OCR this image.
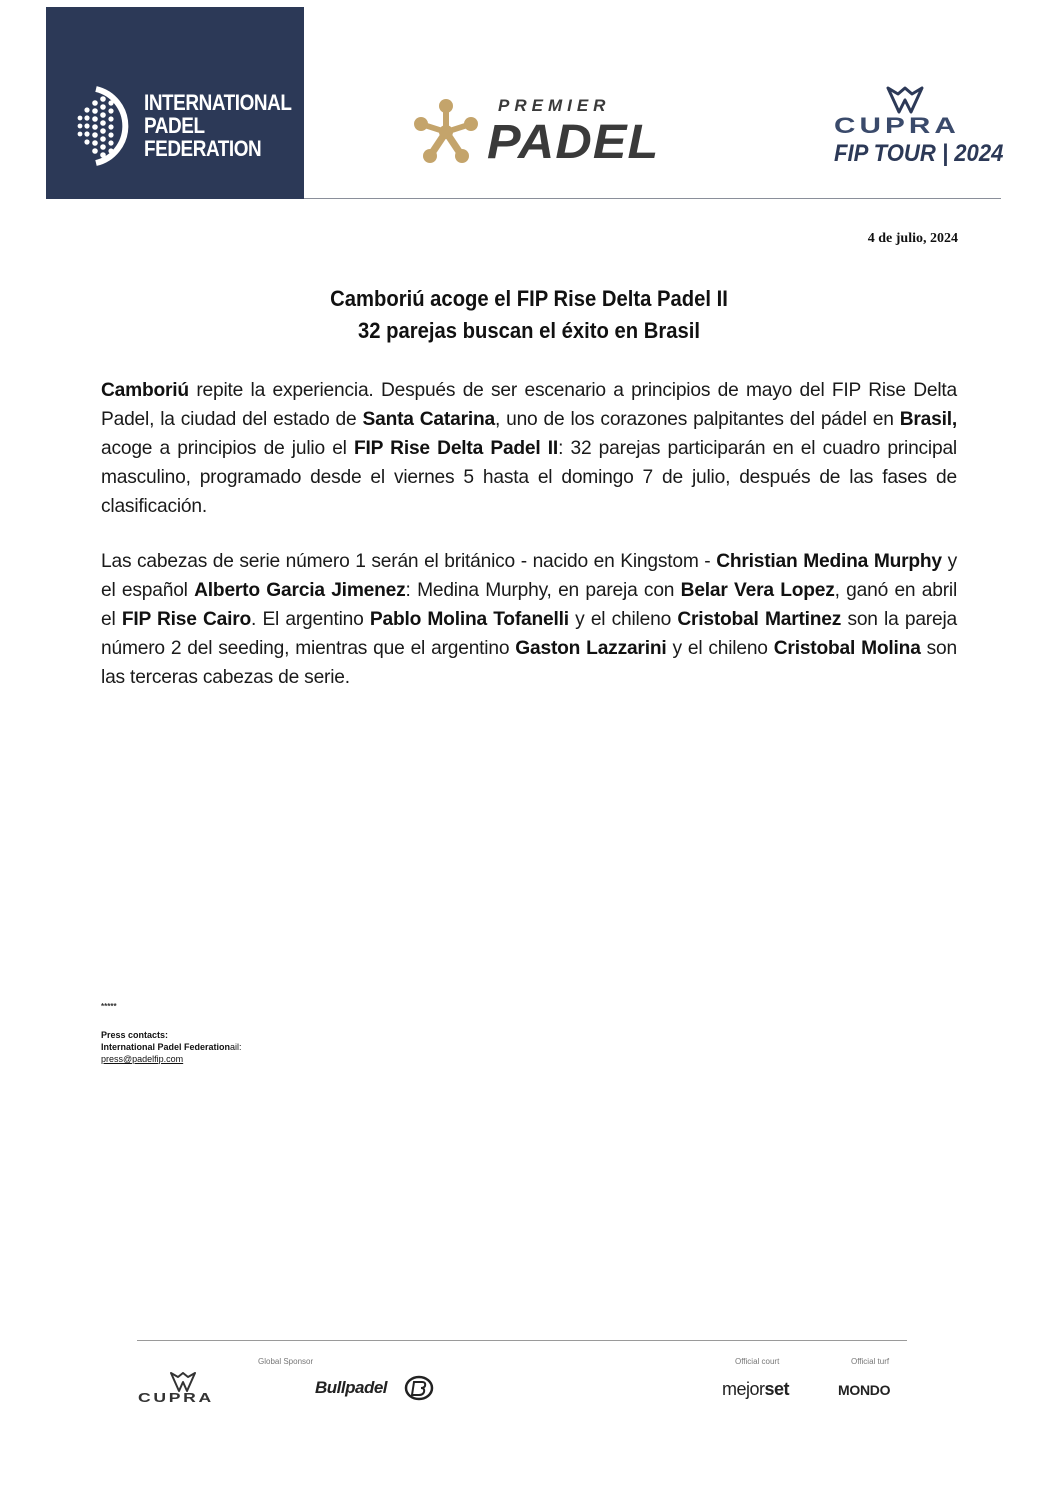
INTERNATIONAL
PADEL
FEDERATION
PREMIER
PADEL	CUPRA
FIP TOUR | 2024
4 de julio, 2024
Camboriú acoge el FIP Rise Delta Padel II
32 parejas buscan el éxito en Brasil

Camboriú repite la experiencia. Después de ser escenario a principios de mayo del FIP Rise Delta Padel, la ciudad del estado de Santa Catarina, uno de los corazones palpitantes del pádel en Brasil, acoge a principios de julio el FIP Rise Delta Padel II: 32 parejas participarán en el cuadro principal masculino, programado desde el viernes 5 hasta el domingo 7 de julio, después de las fases de clasificación.

Las cabezas de serie número 1 serán el británico - nacido en Kingstom - Christian Medina Murphy y el español Alberto Garcia Jimenez: Medina Murphy, en pareja con Belar Vera Lopez, ganó en abril el FIP Rise Cairo. El argentino Pablo Molina Tofanelli y el chileno Cristobal Martinez son la pareja número 2 del seeding, mientras que el argentino Gaston Lazzarini y el chileno Cristobal Molina son las terceras cabezas de serie.

*****
Press contacts:
International Padel Federationail:
press@padelfip.com
Global Sponsor	Official court	Official turf
CUPRA
Bullpadel	mejorset	MONDO
